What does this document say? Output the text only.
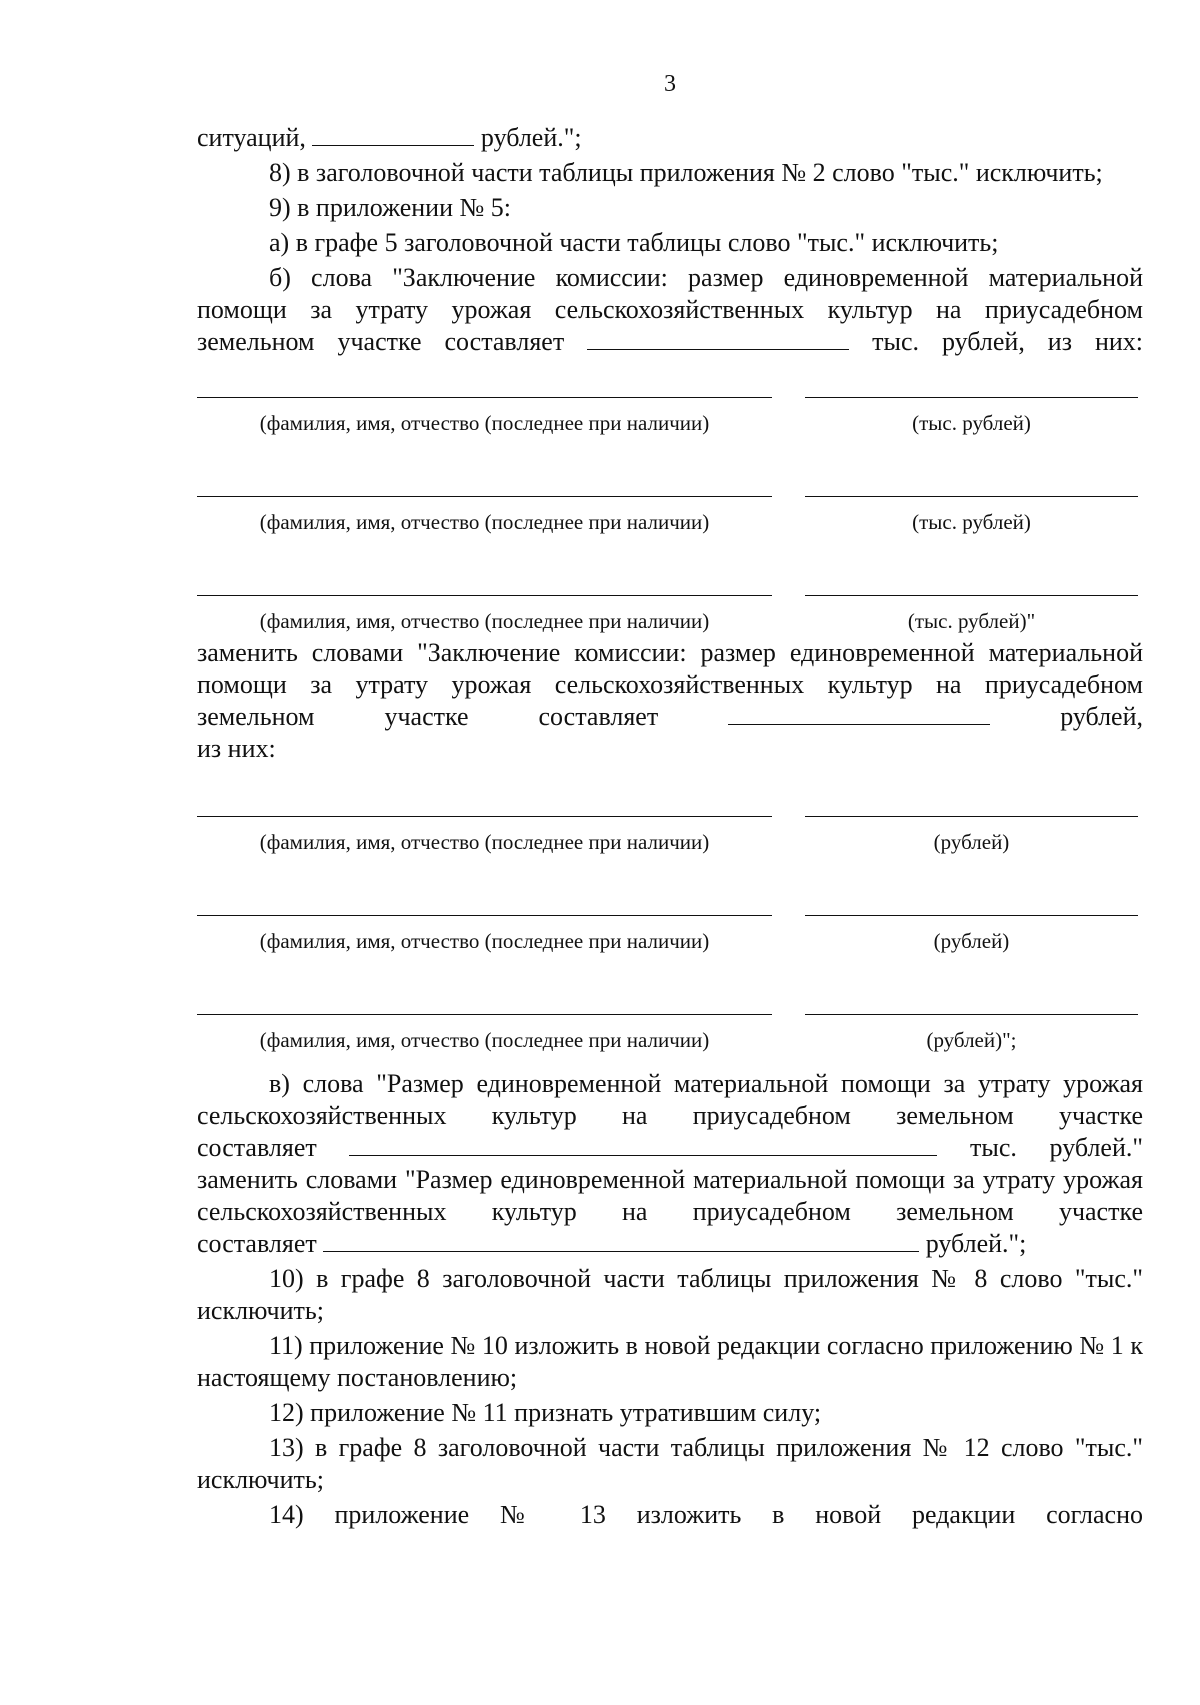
3

ситуаций,	рублей.";

8) в заголовочной части таблицы приложения № 2 слово "тыс." исключить;

9) в приложении № 5:

а) в графе 5 заголовочной части таблицы слово "тыс." исключить;

б) слова "Заключение комиссии: размер единовременной материальной помощи за утрату урожая сельскохозяйственных культур на приусадебном земельном участке составляет	тыс. рублей, из них:

(фамилия, имя, отчество (последнее при наличии)	(тыс. рублей)
(фамилия, имя, отчество (последнее при наличии)	(тыс. рублей)
(фамилия, имя, отчество (последнее при наличии)	(тыс. рублей)"

заменить словами "Заключение комиссии: размер единовременной материальной помощи за утрату урожая сельскохозяйственных культур на приусадебном земельном участке составляет	рублей,

из них:

(фамилия, имя, отчество (последнее при наличии)	(рублей)
(фамилия, имя, отчество (последнее при наличии)	(рублей)
(фамилия, имя, отчество (последнее при наличии)	(рублей)";

в) слова "Размер единовременной материальной помощи за утрату урожая сельскохозяйственных культур на приусадебном земельном участке

составляет	тыс. рублей."

заменить словами "Размер единовременной материальной помощи за утрату урожая сельскохозяйственных культур на приусадебном земельном участке

составляет	рублей.";

10) в графе 8 заголовочной части таблицы приложения № 8 слово "тыс." исключить;

11) приложение № 10 изложить в новой редакции согласно приложению № 1 к настоящему постановлению;

12) приложение № 11 признать утратившим силу;

13) в графе 8 заголовочной части таблицы приложения № 12 слово "тыс." исключить;

14) приложение № 13 изложить в новой редакции согласно
